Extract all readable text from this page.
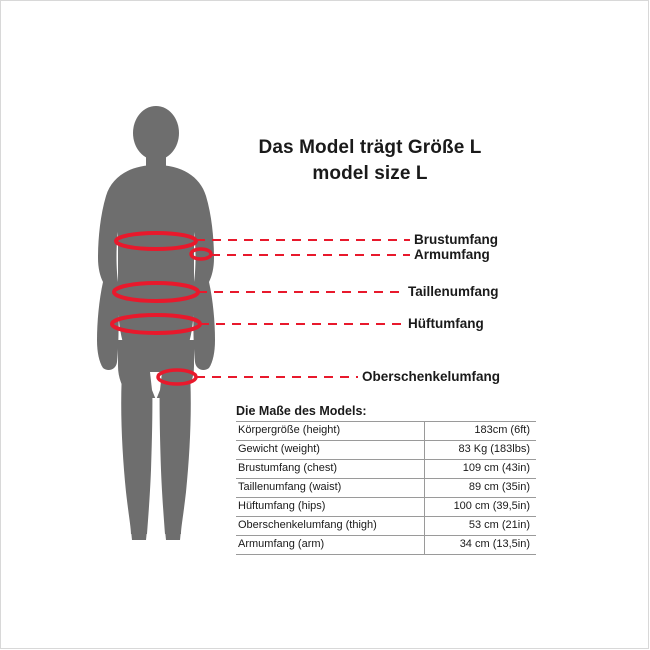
Das Model trägt Größe L
model size L
Brustumfang
Armumfang
Taillenumfang
Hüftumfang
Oberschenkelumfang
Die Maße des Models:
Körpergröße (height)	183cm (6ft)
Gewicht (weight)	83 Kg (183lbs)
Brustumfang (chest)	109 cm (43in)
Taillenumfang (waist)	89 cm (35in)
Hüftumfang (hips)	100 cm (39,5in)
Oberschenkelumfang (thigh)	53 cm (21in)
Armumfang (arm)	34 cm (13,5in)
